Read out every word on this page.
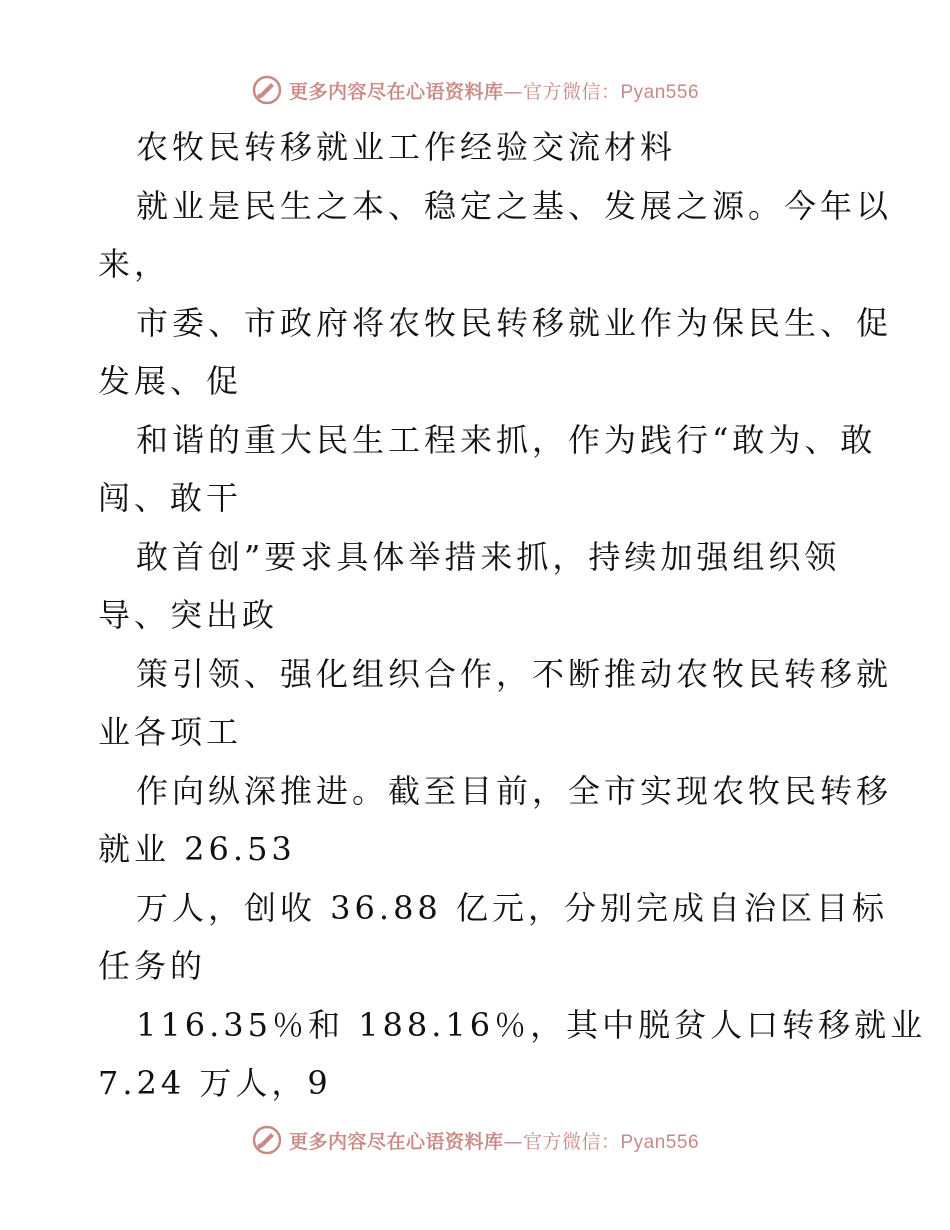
更多内容尽在心语资料库—官方微信：Pyan556
农牧民转移就业工作经验交流材料
就业是民生之本、稳定之基、发展之源。今年以
来，
市委、市政府将农牧民转移就业作为保民生、促
发展、促
和谐的重大民生工程来抓，作为践行“敢为、敢
闯、敢干
敢首创”要求具体举措来抓，持续加强组织领
导、突出政
策引领、强化组织合作，不断推动农牧民转移就
业各项工
作向纵深推进。截至目前，全市实现农牧民转移
就业 26.53
万人，创收 36.88 亿元，分别完成自治区目标
任务的
116.35％和 188.16％，其中脱贫人口转移就业
7.24 万人，9
更多内容尽在心语资料库—官方微信：Pyan556
